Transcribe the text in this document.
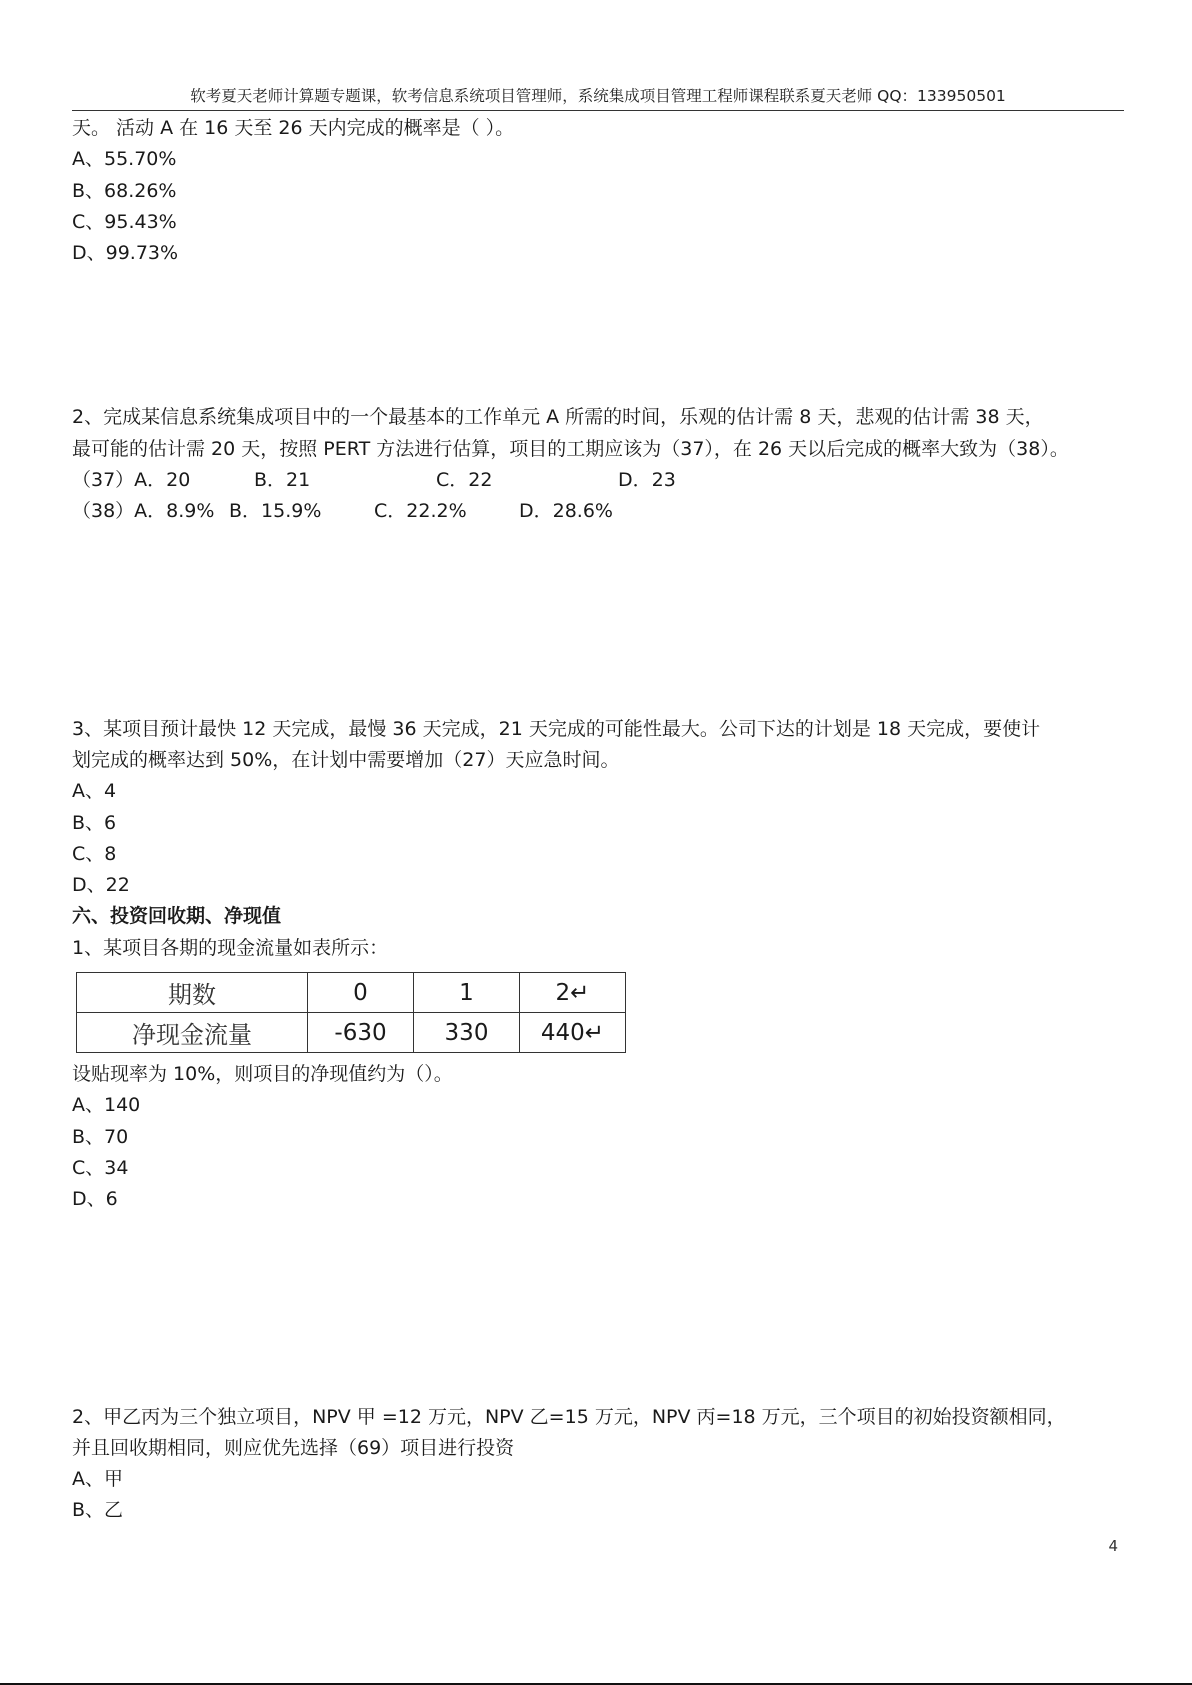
软考夏天老师计算题专题课，软考信息系统项目管理师，系统集成项目管理工程师课程联系夏天老师 QQ：133950501
天。 活动 A 在 16 天至 26 天内完成的概率是（ ）。
A、55.70%
B、68.26%
C、95.43%
D、99.73%
2、完成某信息系统集成项目中的一个最基本的工作单元 A 所需的时间，乐观的估计需 8 天，悲观的估计需 38 天，
最可能的估计需 20 天，按照 PERT 方法进行估算，项目的工期应该为（37），在 26 天以后完成的概率大致为（38）。
（37）A．20	B．21	C．22	D．23
（38）A．8.9% B．15.9%	C．22.2%	D．28.6%
3、某项目预计最快 12 天完成，最慢 36 天完成，21 天完成的可能性最大。公司下达的计划是 18 天完成，要使计
划完成的概率达到 50%，在计划中需要增加（27）天应急时间。
A、4
B、6
C、8
D、22
六、投资回收期、净现值
1、某项目各期的现金流量如表所示：
期数	0	1	2↵
净现金流量	-630	330	440↵
设贴现率为 10%，则项目的净现值约为（）。
A、140
B、70
C、34
D、6
2、甲乙丙为三个独立项目，NPV 甲 =12 万元，NPV 乙=15 万元，NPV 丙=18 万元，三个项目的初始投资额相同，
并且回收期相同，则应优先选择（69）项目进行投资
A、甲
B、乙
4
